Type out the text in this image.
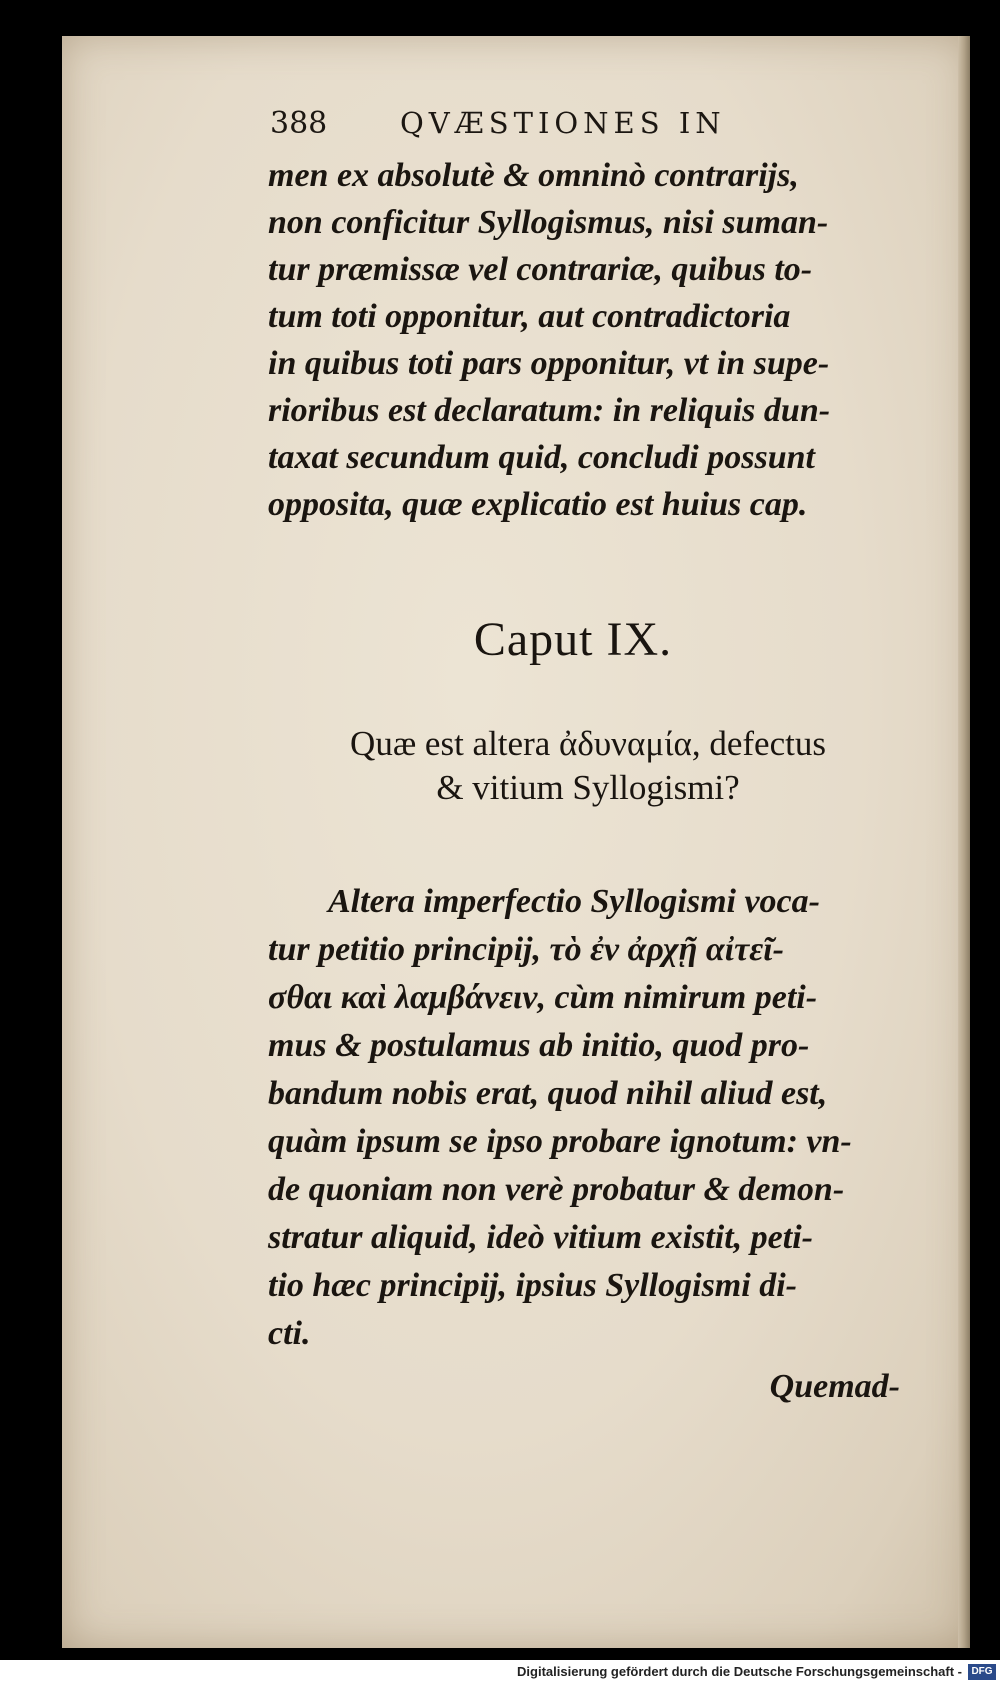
388	QVÆSTIONES IN
men ex absolutè & omninò contrarijs,
non conficitur Syllogismus, nisi suman-
tur præmissæ vel contrariæ, quibus to-
tum toti opponitur, aut contradictoria
in quibus toti pars opponitur, vt in supe-
rioribus est declaratum: in reliquis dun-
taxat secundum quid, concludi possunt
opposita, quæ explicatio est huius cap.
Caput IX.
Quæ est altera ἀδυναμία, defectus
& vitium Syllogismi?
Altera imperfectio Syllogismi voca-
tur petitio principij, τὸ ἐν ἀρχῇ αἰτεῖ-
σθαι καὶ λαμβάνειν, cùm nimirum peti-
mus & postulamus ab initio, quod pro-
bandum nobis erat, quod nihil aliud est,
quàm ipsum se ipso probare ignotum: vn-
de quoniam non verè probatur & demon-
stratur aliquid, ideò vitium existit, peti-
tio hæc principij, ipsius Syllogismi di-
cti.
Quemad-
Digitalisierung gefördert durch die Deutsche Forschungsgemeinschaft - DFG
